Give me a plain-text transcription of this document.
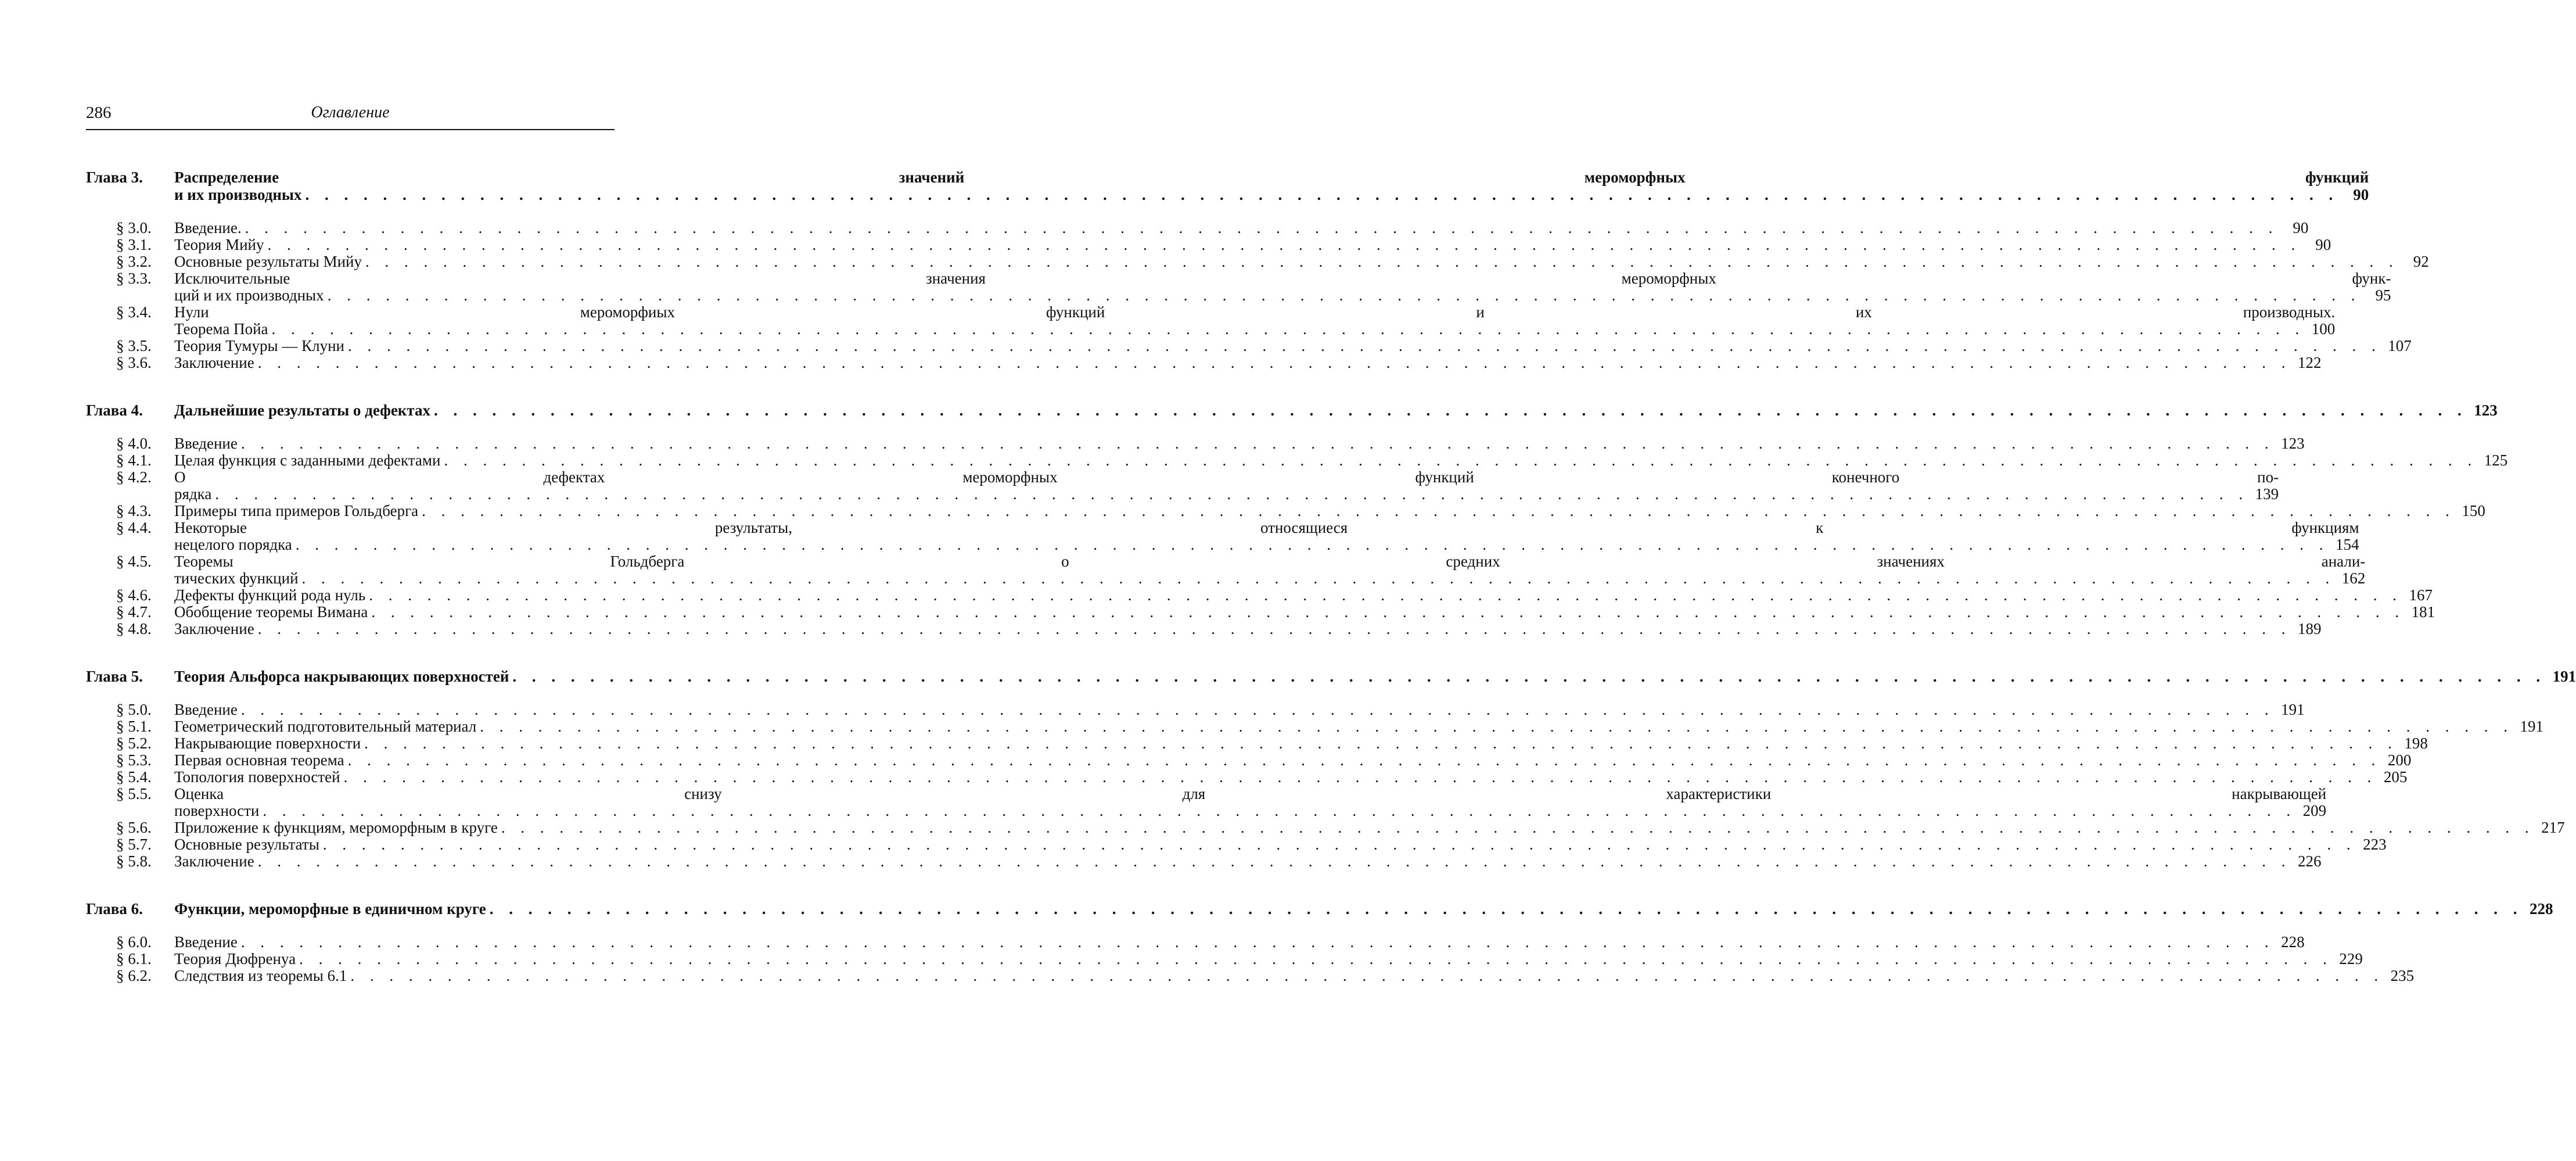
286	Оглавление
Глава 3.	Распределение значений мероморфных функций
и их производных . . .	90
§ 3.0.	Введение. . . .	90
§ 3.1.	Теория Мийу . . .	90
§ 3.2.	Основные результаты Мийу . . .	92
§ 3.3.	Исключительные значения мероморфных функ-
ций и их производных . . .	95
§ 3.4.	Нули мероморфиых функций и их производных.
Теорема Пойа . . .	100
§ 3.5.	Теория Тумуры — Клуни . . .	107
§ 3.6.	Заключение . . .	122
Глава 4.	Дальнейшие результаты о дефектах . . .	123
§ 4.0.	Введение . . .	123
§ 4.1.	Целая функция с заданными дефектами . . .	125
§ 4.2.	О дефектах мероморфных функций конечного по-
рядка . . .	139
§ 4.3.	Примеры типа примеров Гольдберга . . .	150
§ 4.4.	Некоторые результаты, относящиеся к функциям
нецелого порядка . . .	154
§ 4.5.	Теоремы Гольдберга о средних значениях анали-
тических функций . . .	162
§ 4.6.	Дефекты функций рода нуль . . .	167
§ 4.7.	Обобщение теоремы Вимана . . .	181
§ 4.8.	Заключение . . .	189
Глава 5.	Теория Альфорса накрывающих поверхностей . . .	191
§ 5.0.	Введение . . .	191
§ 5.1.	Геометрический подготовительный материал . . .	191
§ 5.2.	Накрывающие поверхности . . .	198
§ 5.3.	Первая основная теорема . . .	200
§ 5.4.	Топология поверхностей . . .	205
§ 5.5.	Оценка снизу для характеристики накрывающей
поверхности . . .	209
§ 5.6.	Приложение к функциям, мероморфным в круге . . .	217
§ 5.7.	Основные результаты . . .	223
§ 5.8.	Заключение . . .	226
Глава 6.	Функции, мероморфные в единичном круге . . .	228
§ 6.0.	Введение . . .	228
§ 6.1.	Теория Дюфренуа . . .	229
§ 6.2.	Следствия из теоремы 6.1 . . .	235
